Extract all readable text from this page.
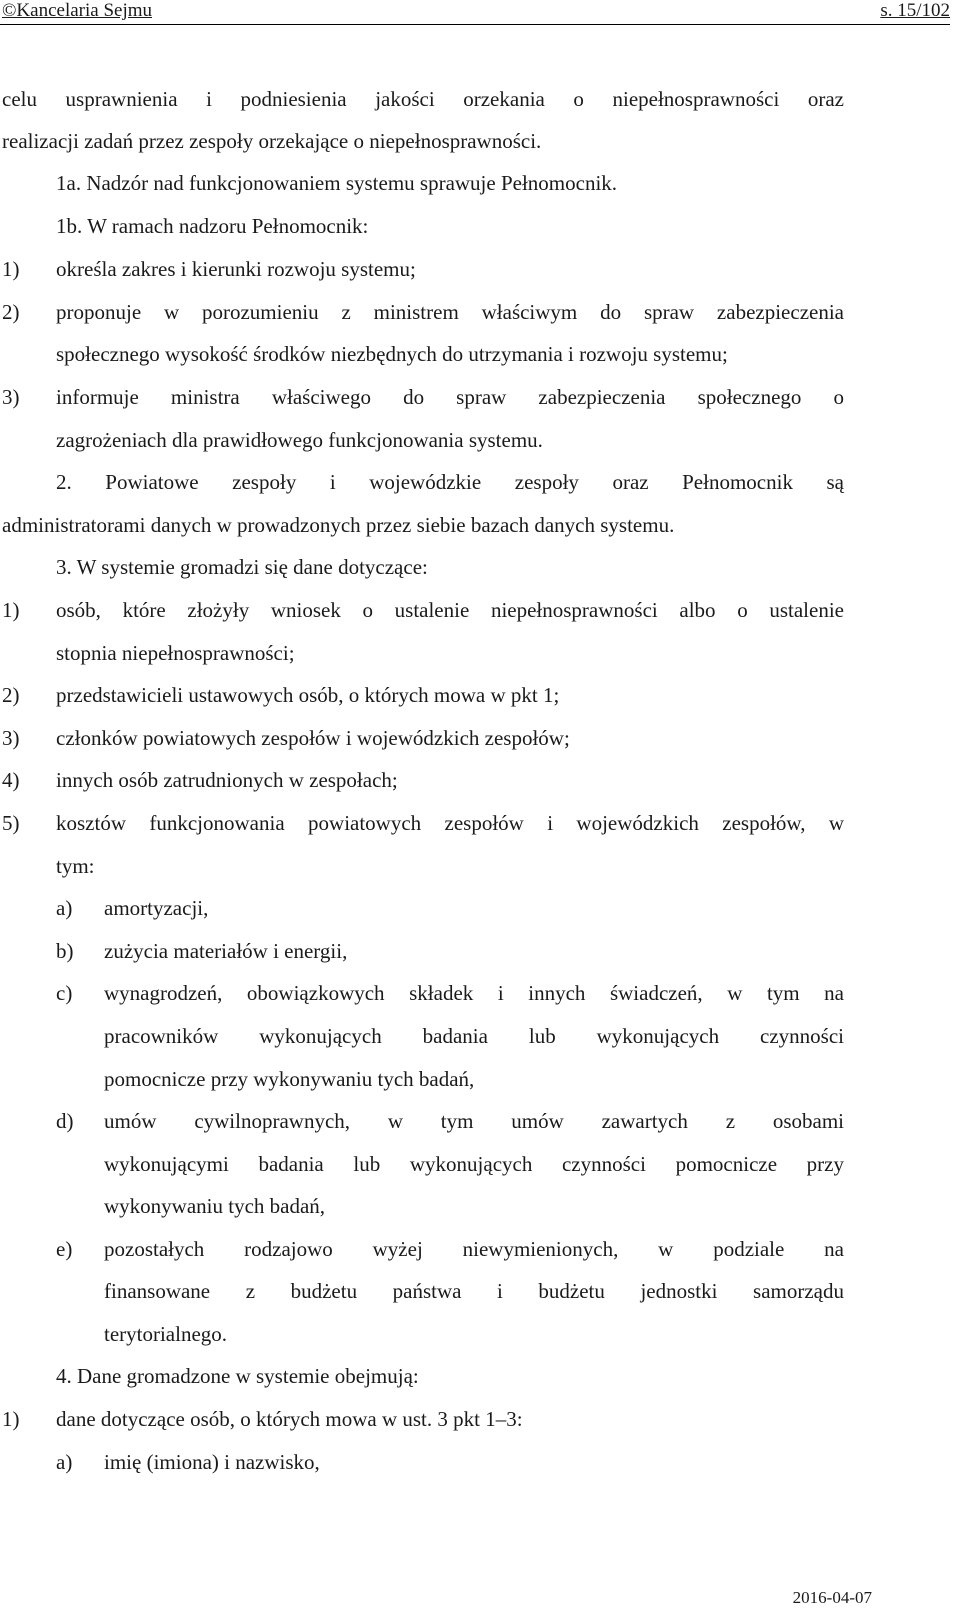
©Kancelaria Sejmu	s. 15/102
celu usprawnienia i podniesienia jakości orzekania o niepełnosprawności oraz
realizacji zadań przez zespoły orzekające o niepełnosprawności.
1a. Nadzór nad funkcjonowaniem systemu sprawuje Pełnomocnik.
1b. W ramach nadzoru Pełnomocnik:
1) określa zakres i kierunki rozwoju systemu;
2) proponuje w porozumieniu z ministrem właściwym do spraw zabezpieczenia
społecznego wysokość środków niezbędnych do utrzymania i rozwoju systemu;
3) informuje ministra właściwego do spraw zabezpieczenia społecznego o
zagrożeniach dla prawidłowego funkcjonowania systemu.
2. Powiatowe zespoły i wojewódzkie zespoły oraz Pełnomocnik są
administratorami danych w prowadzonych przez siebie bazach danych systemu.
3. W systemie gromadzi się dane dotyczące:
1) osób, które złożyły wniosek o ustalenie niepełnosprawności albo o ustalenie
stopnia niepełnosprawności;
2) przedstawicieli ustawowych osób, o których mowa w pkt 1;
3) członków powiatowych zespołów i wojewódzkich zespołów;
4) innych osób zatrudnionych w zespołach;
5) kosztów funkcjonowania powiatowych zespołów i wojewódzkich zespołów, w
tym:
a) amortyzacji,
b) zużycia materiałów i energii,
c) wynagrodzeń, obowiązkowych składek i innych świadczeń, w tym na
pracowników wykonujących badania lub wykonujących czynności
pomocnicze przy wykonywaniu tych badań,
d) umów cywilnoprawnych, w tym umów zawartych z osobami
wykonującymi badania lub wykonujących czynności pomocnicze przy
wykonywaniu tych badań,
e) pozostałych rodzajowo wyżej niewymienionych, w podziale na
finansowane z budżetu państwa i budżetu jednostki samorządu
terytorialnego.
4. Dane gromadzone w systemie obejmują:
1) dane dotyczące osób, o których mowa w ust. 3 pkt 1–3:
a) imię (imiona) i nazwisko,
2016-04-07
